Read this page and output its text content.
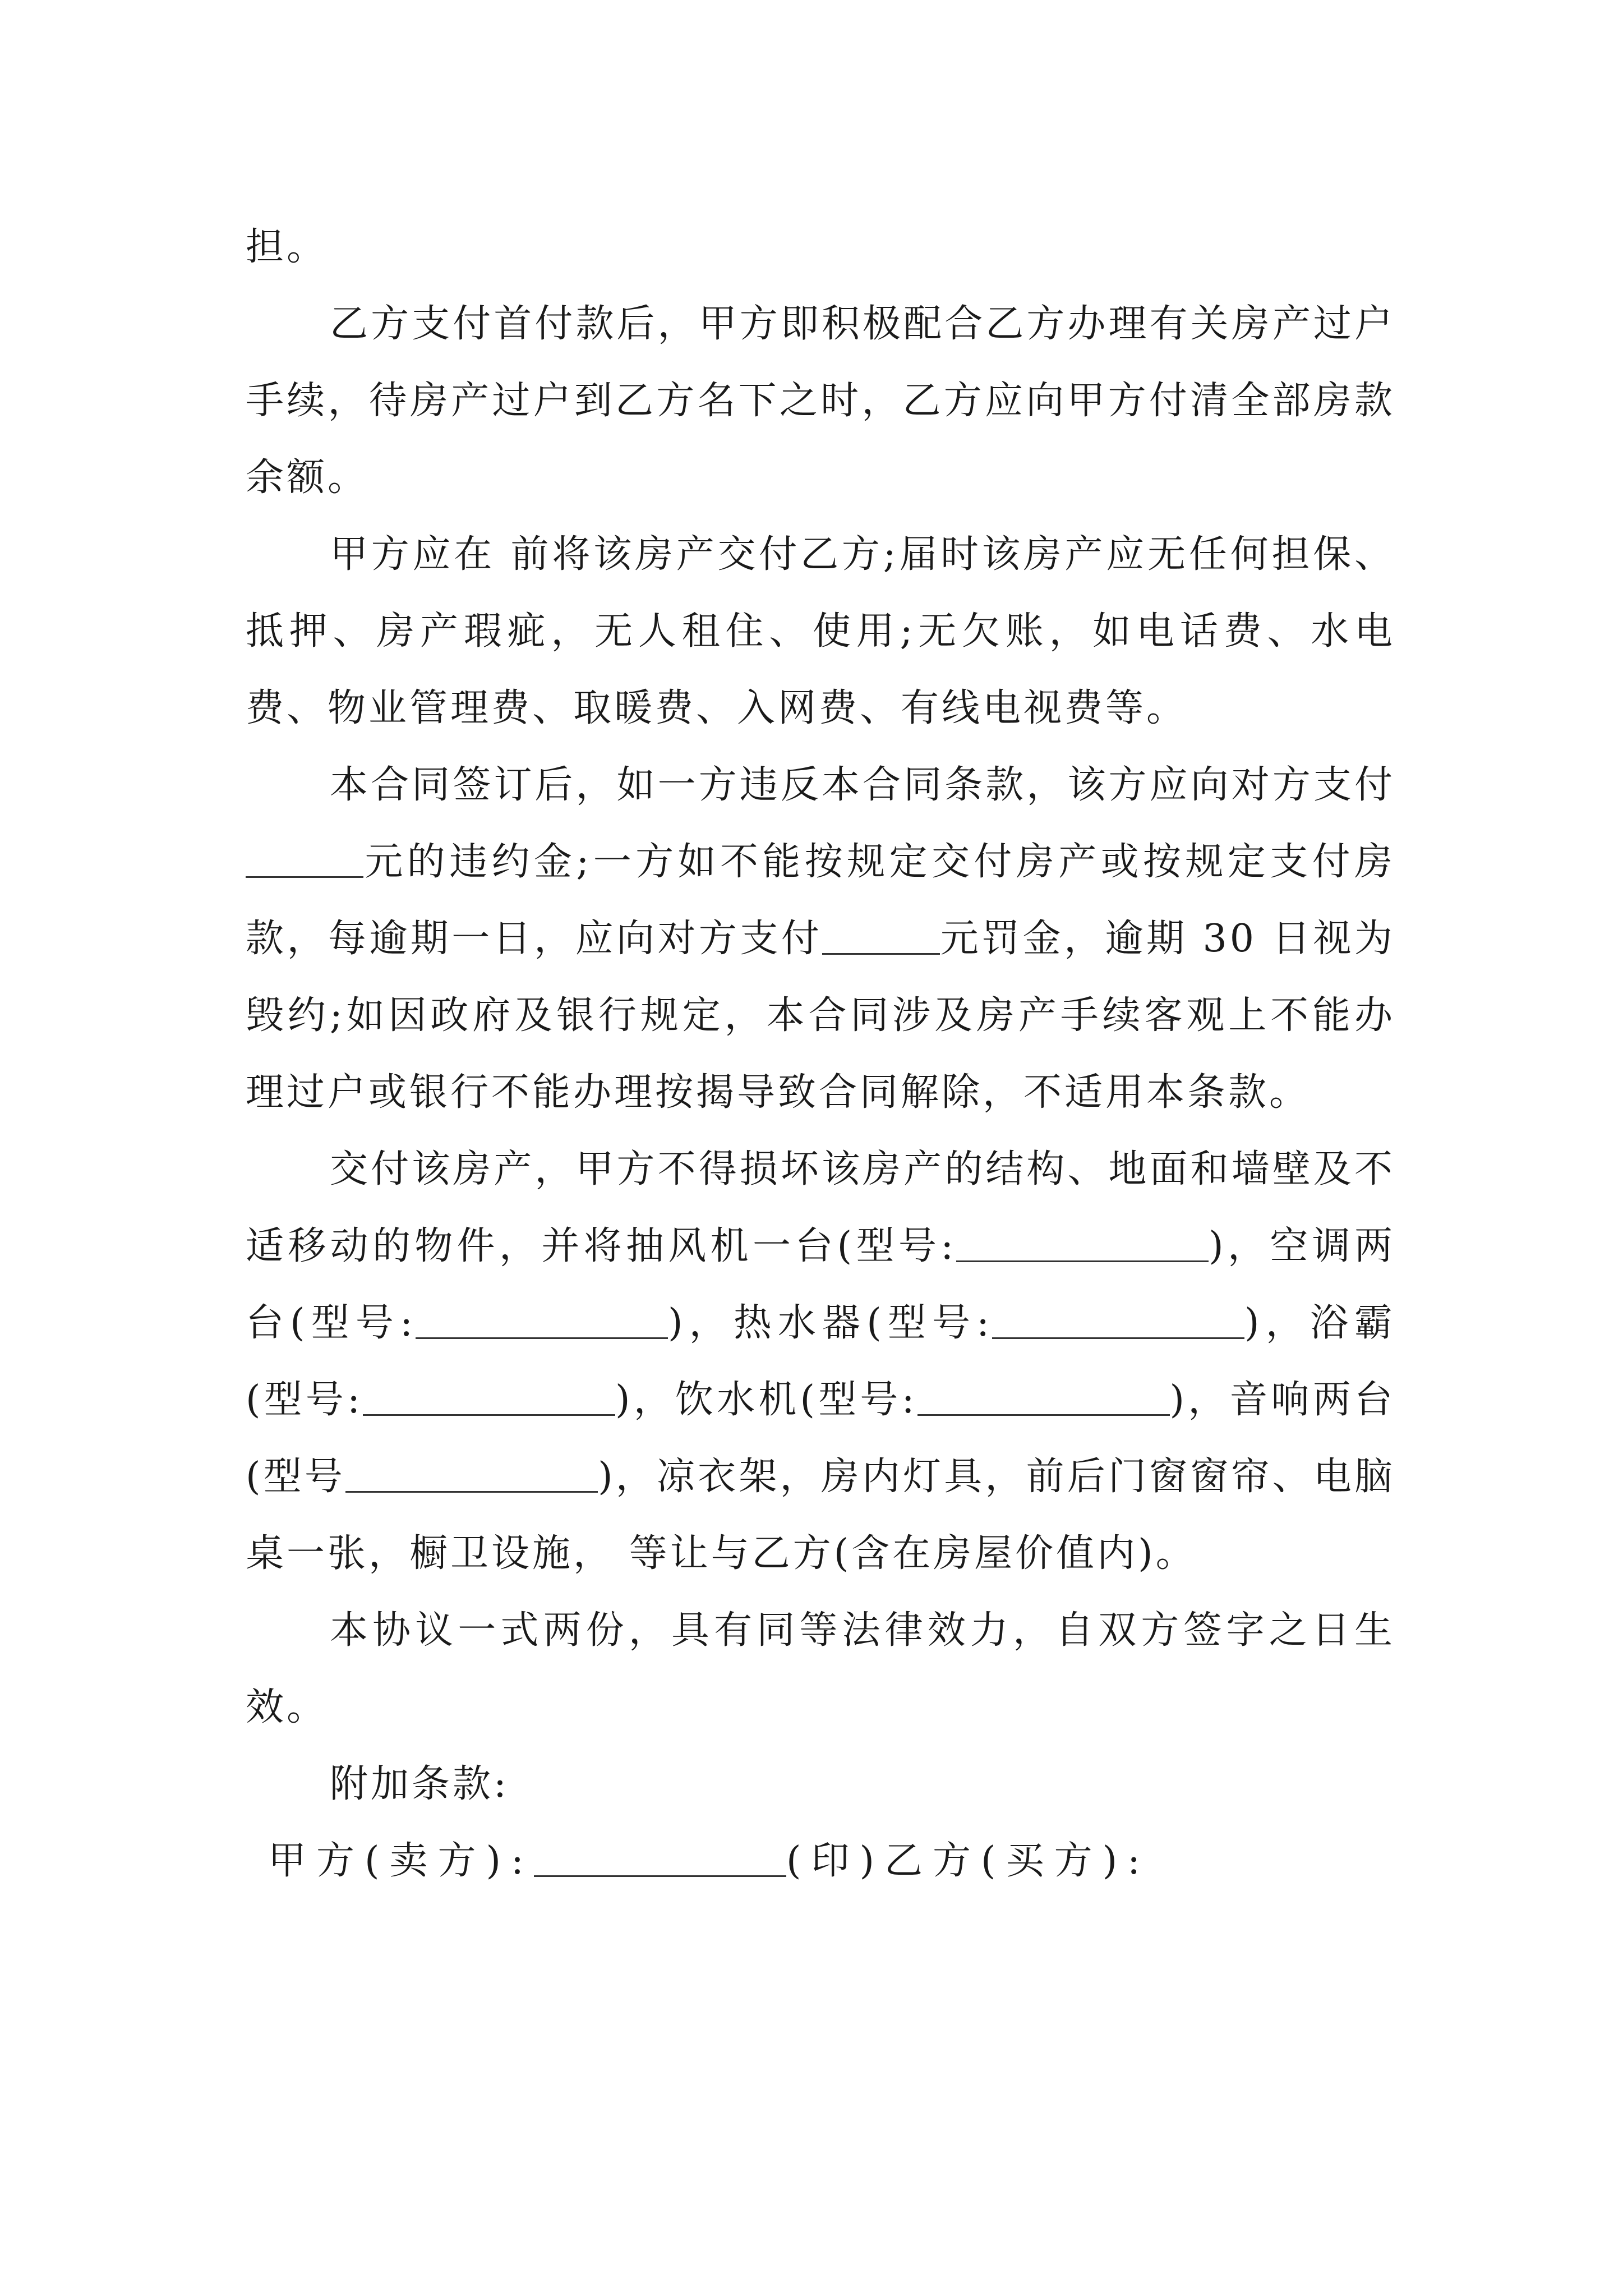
担。

乙方支付首付款后，甲方即积极配合乙方办理有关房产过户手续，待房产过户到乙方名下之时，乙方应向甲方付清全部房款余额。

甲方应在 前将该房产交付乙方;届时该房产应无任何担保、抵押、房产瑕疵，无人租住、使用;无欠账，如电话费、水电费、物业管理费、取暖费、入网费、有线电视费等。

本合同签订后，如一方违反本合同条款，该方应向对方支付元的违约金;一方如不能按规定交付房产或按规定支付房款，每逾期一日，应向对方支付	元罚金，逾期 30 日视为毁约;如因政府及银行规定，本合同涉及房产手续客观上不能办理过户或银行不能办理按揭导致合同解除，不适用本条款。

交付该房产，甲方不得损坏该房产的结构、地面和墙壁及不适移动的物件，并将抽风机一台(型号:	)，空调两台(型号:	)，热水器(型号:	)，浴霸(型号:	)，饮水机(型号:	)，音响两台(型号	)，凉衣架，房内灯具，前后门窗窗帘、电脑桌一张，橱卫设施， 等让与乙方(含在房屋价值内)。

本协议一式两份，具有同等法律效力，自双方签字之日生效。

附加条款:

甲方(卖方):	(印)乙方(买方):
